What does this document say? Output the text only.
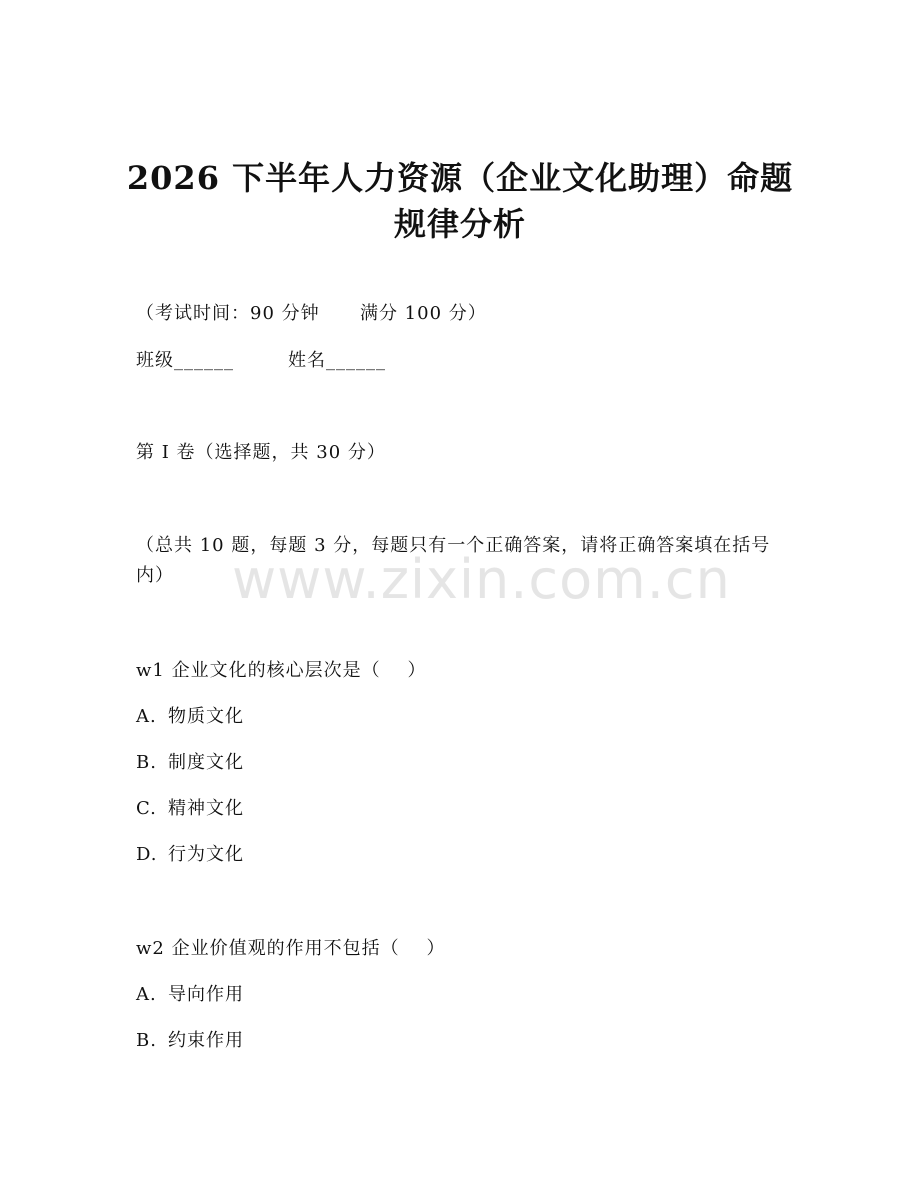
2026 下半年人力资源（企业文化助理）命题
规律分析
（考试时间：90 分钟      满分 100 分）
班级______	姓名______
第 I 卷（选择题，共 30 分）
（总共 10 题，每题 3 分，每题只有一个正确答案，请将正确答案填在括号内）	www.zixin.com.cn
w1 企业文化的核心层次是（    ）
A. 物质文化
B. 制度文化
C. 精神文化
D. 行为文化
w2 企业价值观的作用不包括（    ）
A. 导向作用
B. 约束作用
